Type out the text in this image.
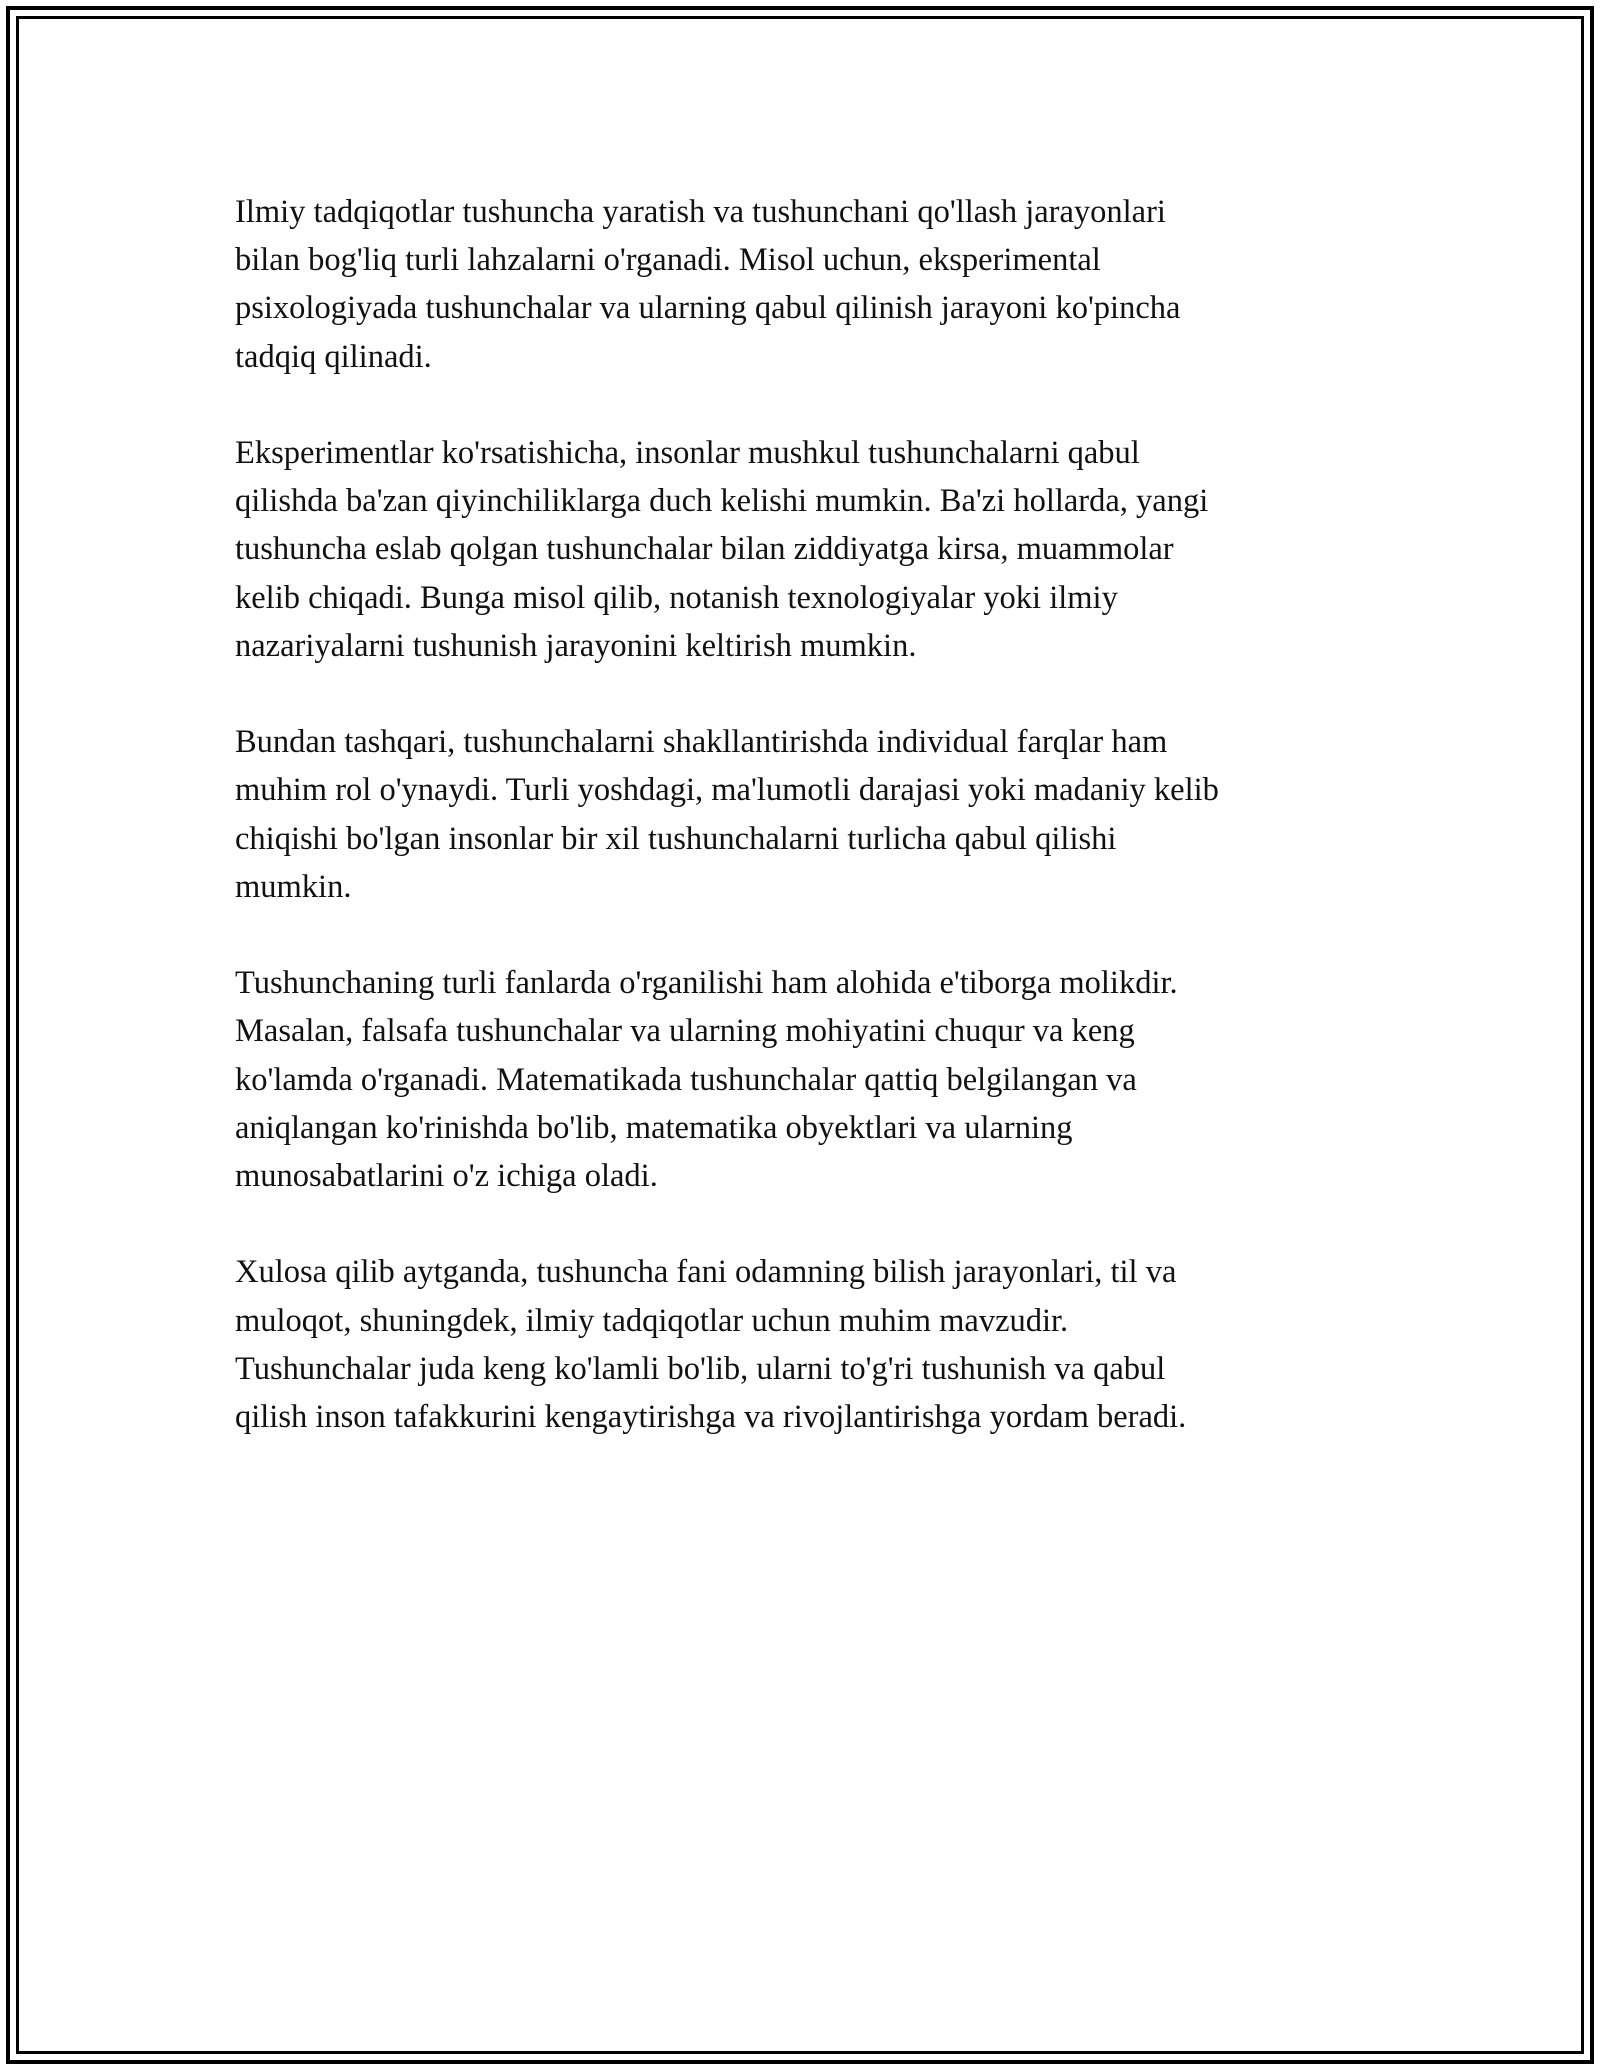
Ilmiy tadqiqotlar tushuncha yaratish va tushunchani qo'llash jarayonlari
bilan bog'liq turli lahzalarni o'rganadi. Misol uchun, eksperimental
psixologiyada tushunchalar va ularning qabul qilinish jarayoni ko'pincha
tadqiq qilinadi.

Eksperimentlar ko'rsatishicha, insonlar mushkul tushunchalarni qabul
qilishda ba'zan qiyinchiliklarga duch kelishi mumkin. Ba'zi hollarda, yangi
tushuncha eslab qolgan tushunchalar bilan ziddiyatga kirsa, muammolar
kelib chiqadi. Bunga misol qilib, notanish texnologiyalar yoki ilmiy
nazariyalarni tushunish jarayonini keltirish mumkin.

Bundan tashqari, tushunchalarni shakllantirishda individual farqlar ham
muhim rol o'ynaydi. Turli yoshdagi, ma'lumotli darajasi yoki madaniy kelib
chiqishi bo'lgan insonlar bir xil tushunchalarni turlicha qabul qilishi
mumkin.

Tushunchaning turli fanlarda o'rganilishi ham alohida e'tiborga molikdir.
Masalan, falsafa tushunchalar va ularning mohiyatini chuqur va keng
ko'lamda o'rganadi. Matematikada tushunchalar qattiq belgilangan va
aniqlangan ko'rinishda bo'lib, matematika obyektlari va ularning
munosabatlarini o'z ichiga oladi.

Xulosa qilib aytganda, tushuncha fani odamning bilish jarayonlari, til va
muloqot, shuningdek, ilmiy tadqiqotlar uchun muhim mavzudir.
Tushunchalar juda keng ko'lamli bo'lib, ularni to'g'ri tushunish va qabul
qilish inson tafakkurini kengaytirishga va rivojlantirishga yordam beradi.
